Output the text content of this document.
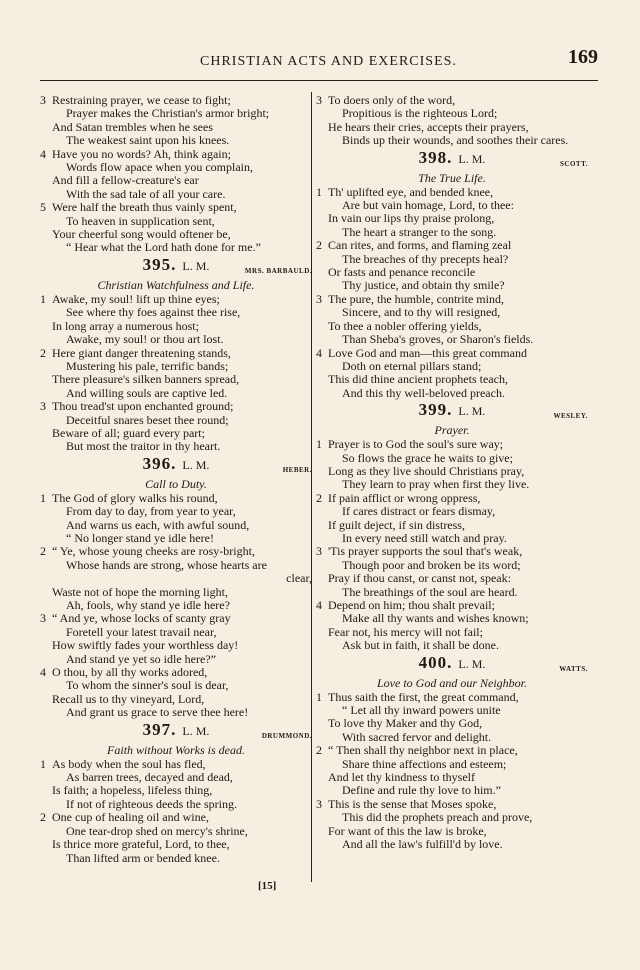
CHRISTIAN ACTS AND EXERCISES.	169
3 Restraining prayer, we cease to fight;
Prayer makes the Christian's armor bright;
And Satan trembles when he sees
The weakest saint upon his knees.
4 Have you no words? Ah, think again;
Words flow apace when you complain,
And fill a fellow-creature's ear
With the sad tale of all your care.
5 Were half the breath thus vainly spent,
To heaven in supplication sent,
Your cheerful song would oftener be,
“ Hear what the Lord hath done for me.”
395. L. M.	MRS. BARBAULD.
Christian Watchfulness and Life.
1 Awake, my soul! lift up thine eyes;
See where thy foes against thee rise,
In long array a numerous host;
Awake, my soul! or thou art lost.
2 Here giant danger threatening stands,
Mustering his pale, terrific bands;
There pleasure's silken banners spread,
And willing souls are captive led.
3 Thou tread'st upon enchanted ground;
Deceitful snares beset thee round;
Beware of all; guard every part;
But most the traitor in thy heart.
396. L. M.	HEBER.
Call to Duty.
1 The God of glory walks his round,
From day to day, from year to year,
And warns us each, with awful sound,
“ No longer stand ye idle here!
2 “ Ye, whose young cheeks are rosy-bright,
Whose hands are strong, whose hearts are
clear,
Waste not of hope the morning light,
Ah, fools, why stand ye idle here?
3 “ And ye, whose locks of scanty gray
Foretell your latest travail near,
How swiftly fades your worthless day!
And stand ye yet so idle here?”
4 O thou, by all thy works adored,
To whom the sinner's soul is dear,
Recall us to thy vineyard, Lord,
And grant us grace to serve thee here!
397. L. M.	DRUMMOND.
Faith without Works is dead.
1 As body when the soul has fled,
As barren trees, decayed and dead,
Is faith; a hopeless, lifeless thing,
If not of righteous deeds the spring.
2 One cup of healing oil and wine,
One tear-drop shed on mercy's shrine,
Is thrice more grateful, Lord, to thee,
Than lifted arm or bended knee.
3 To doers only of the word,
Propitious is the righteous Lord;
He hears their cries, accepts their prayers,
Binds up their wounds, and soothes their cares.
398. L. M.	SCOTT.
The True Life.
1 Th' uplifted eye, and bended knee,
Are but vain homage, Lord, to thee:
In vain our lips thy praise prolong,
The heart a stranger to the song.
2 Can rites, and forms, and flaming zeal
The breaches of thy precepts heal?
Or fasts and penance reconcile
Thy justice, and obtain thy smile?
3 The pure, the humble, contrite mind,
Sincere, and to thy will resigned,
To thee a nobler offering yields,
Than Sheba's groves, or Sharon's fields.
4 Love God and man—this great command
Doth on eternal pillars stand;
This did thine ancient prophets teach,
And this thy well-beloved preach.
399. L. M.	WESLEY.
Prayer.
1 Prayer is to God the soul's sure way;
So flows the grace he waits to give;
Long as they live should Christians pray,
They learn to pray when first they live.
2 If pain afflict or wrong oppress,
If cares distract or fears dismay,
If guilt deject, if sin distress,
In every need still watch and pray.
3 'Tis prayer supports the soul that's weak,
Though poor and broken be its word;
Pray if thou canst, or canst not, speak:
The breathings of the soul are heard.
4 Depend on him; thou shalt prevail;
Make all thy wants and wishes known;
Fear not, his mercy will not fail;
Ask but in faith, it shall be done.
400. L. M.	WATTS.
Love to God and our Neighbor.
1 Thus saith the first, the great command,
“ Let all thy inward powers unite
To love thy Maker and thy God,
With sacred fervor and delight.
2 “ Then shall thy neighbor next in place,
Share thine affections and esteem;
And let thy kindness to thyself
Define and rule thy love to him.”
3 This is the sense that Moses spoke,
This did the prophets preach and prove,
For want of this the law is broke,
And all the law's fulfill'd by love.
[15]
